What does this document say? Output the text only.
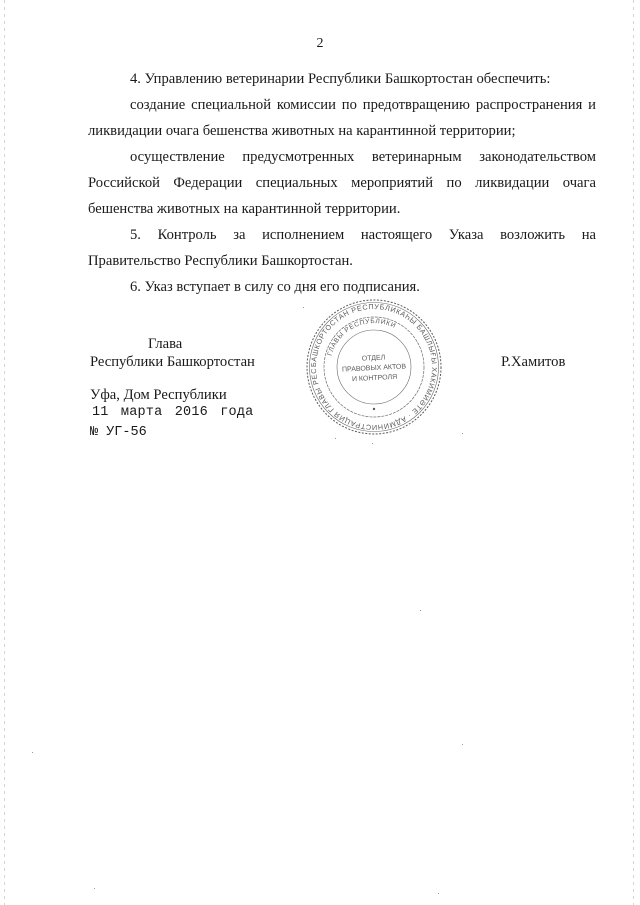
2

4. Управлению ветеринарии Республики Башкортостан обеспечить:

создание специальной комиссии по предотвращению распространения и ликвидации очага бешенства животных на карантинной территории;

осуществление предусмотренных ветеринарным законодательством Российской Федерации специальных мероприятий по ликвидации очага бешенства животных на карантинной территории.

5. Контроль за исполнением настоящего Указа возложить на Правительство Республики Башкортостан.

6. Указ вступает в силу со дня его подписания.

Глава
Республики Башкортостан	Р.Хамитов
Уфа, Дом Республики
11 марта 2016 года
№ УГ-56
БАШКОРТОСТАН РЕСПУБЛИКАҺЫ БАШЛЫҒЫ ХАКИМИӘТЕ · АДМИНИСТРАЦИЯ ГЛАВЫ РЕС
ГЛАВЫ РЕСПУБЛИКИ
ОТДЕЛ
ПРАВОВЫХ АКТОВ
И КОНТРОЛЯ
